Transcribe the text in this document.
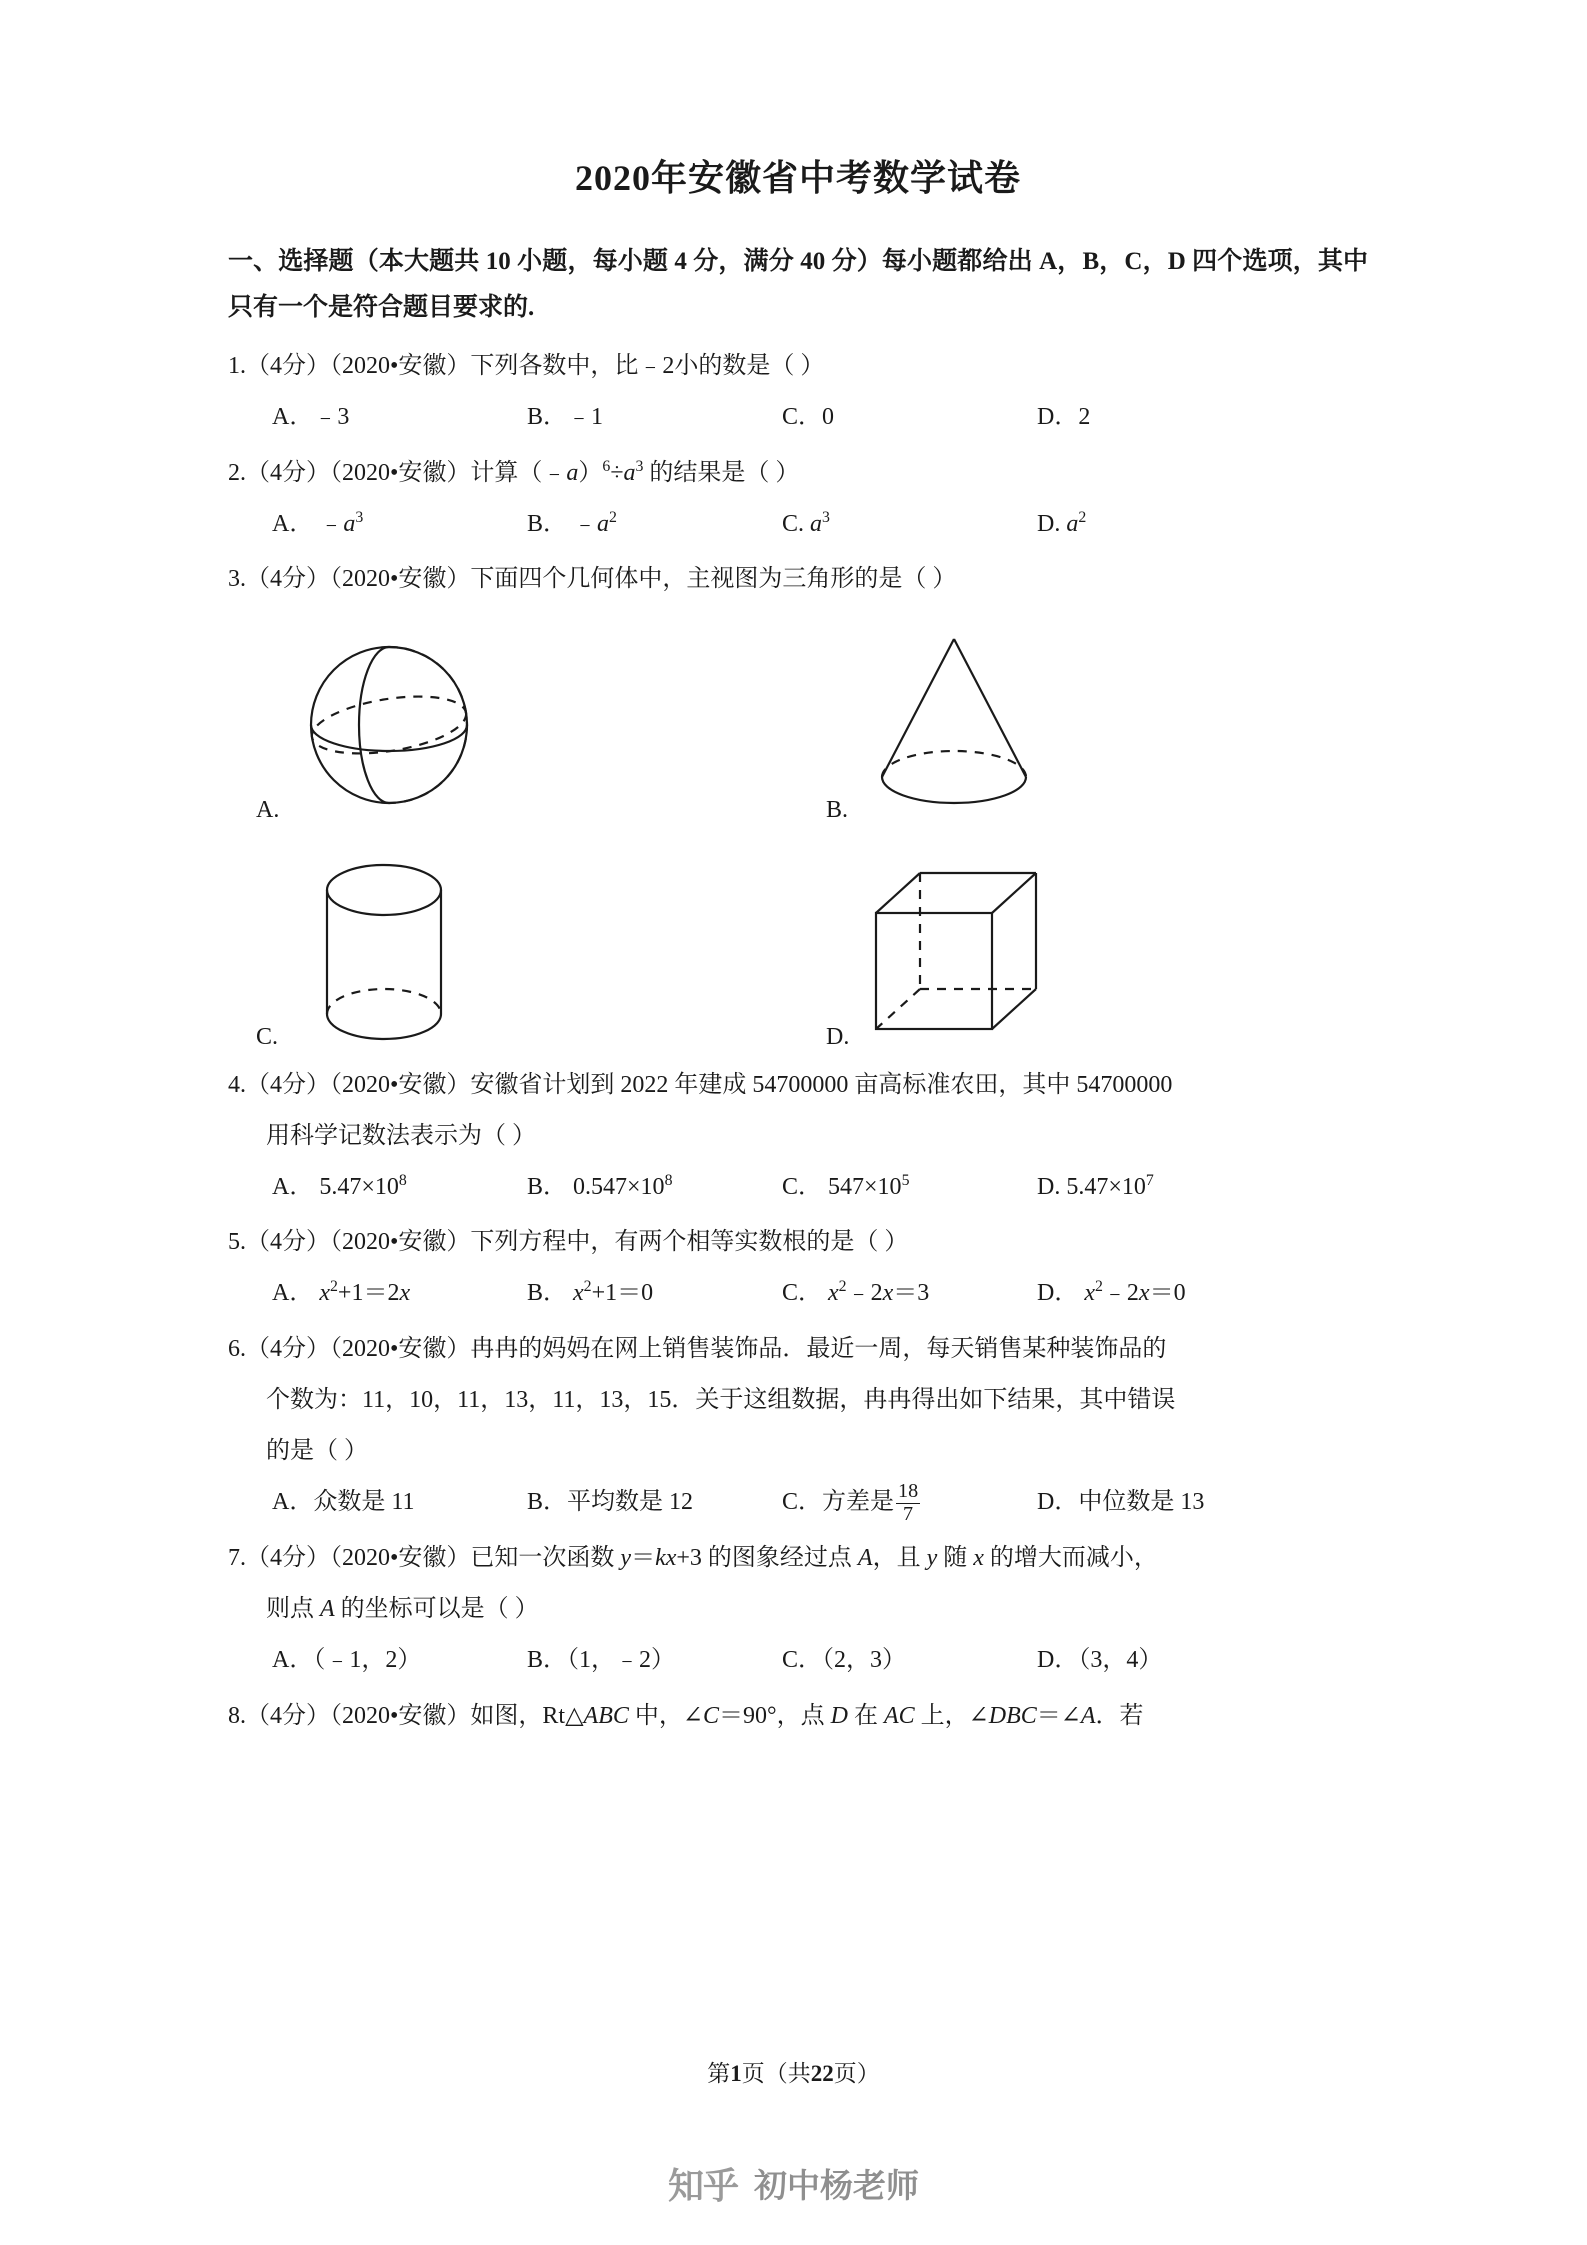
2020年安徽省中考数学试卷

一、选择题（本大题共 10 小题，每小题 4 分，满分 40 分）每小题都给出 A，B，C，D 四个选项，其中只有一个是符合题目要求的.

1.（4分）（2020•安徽）下列各数中，比﹣2小的数是（ ）
A．﹣3	B．﹣1	C．0	D．2
2.（4分）（2020•安徽）计算$(﹣a)^6\div a^3$ 的结果是（ ）
A． $﹣a^3$	B． $﹣a^2$	C. $a^3$	D. $a^2$
3.（4分）（2020•安徽）下面四个几何体中，主视图为三角形的是（ ）
A.	B.
C.	D.
4.（4分）（2020•安徽）安徽省计划到 2022 年建成 54700000 亩高标准农田，其中 54700000
用科学记数法表示为（ ）
A． $5.47\times 10^8$	B． $0.547\times 10^8$	C． $547\times 10^5$	D. $5.47\times 10^7$
5.（4分）（2020•安徽）下列方程中，有两个相等实数根的是（ ）
A． $x^2+1=2x$	B． $x^2+1=0$	C． $x^2﹣2x=3$	D． $x^2﹣2x=0$
6.（4分）（2020•安徽）冉冉的妈妈在网上销售装饰品．最近一周，每天销售某种装饰品的
个数为：11，10，11，13，11，13，15．关于这组数据，冉冉得出如下结果，其中错误
的是（ ）
A．众数是 11	B．平均数是 12	C．方差是 $\frac{18}{7}$	D．中位数是 13
7.（4分）（2020•安徽）已知一次函数 y＝kx+3 的图象经过点 A，且 y 随 x 的增大而减小，
则点 A 的坐标可以是（ ）
A．（﹣1，2）	B．（1，﹣2）	C．（2，3）	D．（3，4）
8.（4分）（2020•安徽）如图，Rt△ABC 中，∠C＝90°，点 D 在 AC 上，∠DBC＝∠A．若
第1页（共22页）
知乎 初中杨老师
